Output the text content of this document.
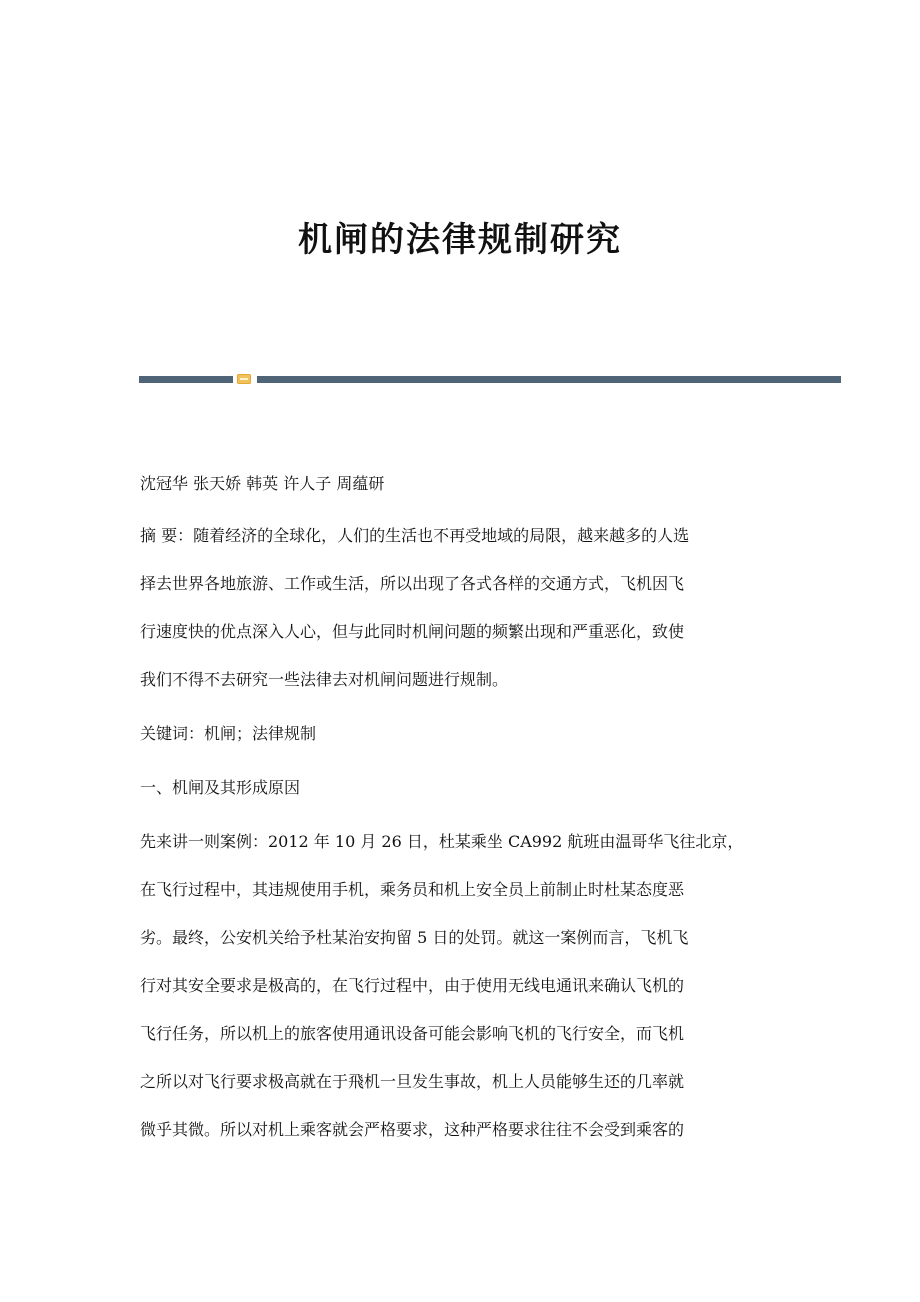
机闸的法律规制研究
沈冠华 张天娇 韩英 许人子 周蕴研
摘 要：随着经济的全球化，人们的生活也不再受地域的局限，越来越多的人选
择去世界各地旅游、工作或生活，所以出现了各式各样的交通方式，飞机因飞
行速度快的优点深入人心，但与此同时机闸问题的频繁出现和严重恶化，致使
我们不得不去研究一些法律去对机闸问题进行规制。
关键词：机闸；法律规制
一、机闸及其形成原因
先来讲一则案例：2012 年 10 月 26 日，杜某乘坐 CA992 航班由温哥华飞往北京，
在飞行过程中，其违规使用手机，乘务员和机上安全员上前制止时杜某态度恶
劣。最终，公安机关给予杜某治安拘留 5 日的处罚。就这一案例而言，飞机飞
行对其安全要求是极高的，在飞行过程中，由于使用无线电通讯来确认飞机的
飞行任务，所以机上的旅客使用通讯设备可能会影响飞机的飞行安全，而飞机
之所以对飞行要求极高就在于飛机一旦发生事故，机上人员能够生还的几率就
微乎其微。所以对机上乘客就会严格要求，这种严格要求往往不会受到乘客的
